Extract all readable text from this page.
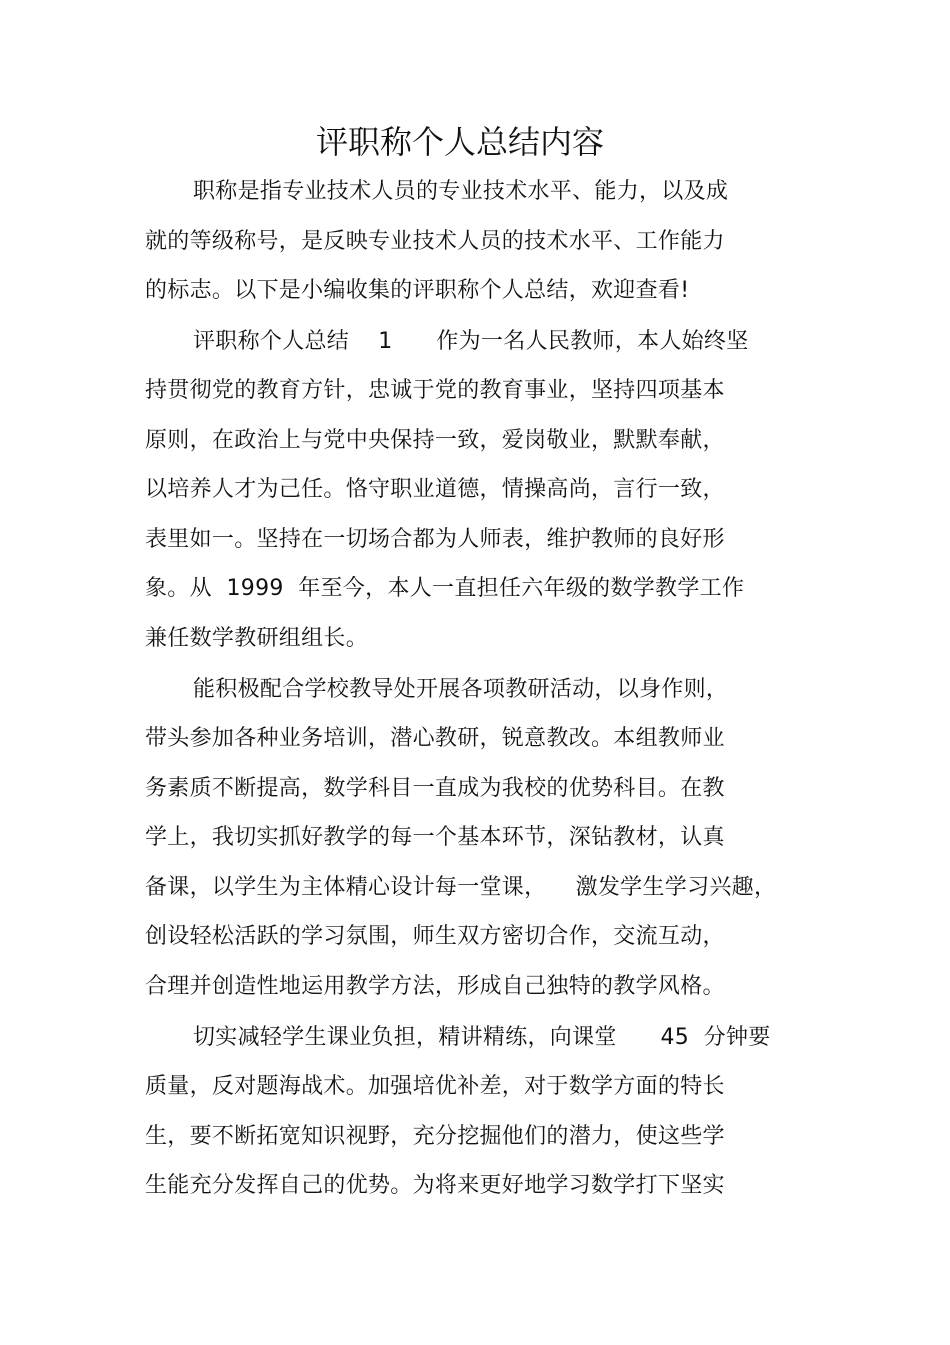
评职称个人总结内容
职称是指专业技术人员的专业技术水平、能力，以及成
就的等级称号，是反映专业技术人员的技术水平、工作能力
的标志。以下是小编收集的评职称个人总结，欢迎查看!
评职称个人总结    1      作为一名人民教师，本人始终坚
持贯彻党的教育方针，忠诚于党的教育事业，坚持四项基本
原则，在政治上与党中央保持一致，爱岗敬业，默默奉献，
以培养人才为己任。恪守职业道德，情操高尚，言行一致，
表里如一。坚持在一切场合都为人师表，维护教师的良好形
象。从  1999  年至今，本人一直担任六年级的数学教学工作
兼任数学教研组组长。
能积极配合学校教导处开展各项教研活动，以身作则，
带头参加各种业务培训，潜心教研，锐意教改。本组教师业
务素质不断提高，数学科目一直成为我校的优势科目。在教
学上，我切实抓好教学的每一个基本环节，深钻教材，认真
备课，以学生为主体精心设计每一堂课，    激发学生学习兴趣，
创设轻松活跃的学习氛围，师生双方密切合作，交流互动，
合理并创造性地运用教学方法，形成自己独特的教学风格。
切实减轻学生课业负担，精讲精练，向课堂      45  分钟要
质量，反对题海战术。加强培优补差，对于数学方面的特长
生，要不断拓宽知识视野，充分挖掘他们的潜力，使这些学
生能充分发挥自己的优势。为将来更好地学习数学打下坚实
